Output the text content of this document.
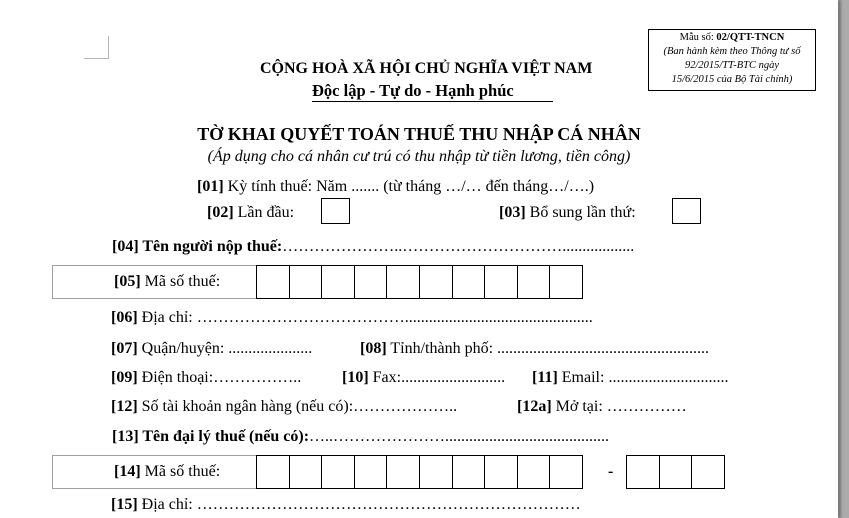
Mẫu số: 02/QTT-TNCN
(Ban hành kèm theo Thông tư số
92/2015/TT-BTC ngày
15/6/2015 của Bộ Tài chính)
CỘNG HOÀ XÃ HỘI CHỦ NGHĨA VIỆT NAM
Độc lập - Tự do - Hạnh phúc
TỜ KHAI QUYẾT TOÁN THUẾ THU NHẬP CÁ NHÂN
(Áp dụng cho cá nhân cư trú có thu nhập từ tiền lương, tiền công)
[01] Kỳ tính thuế: Năm ....... (từ tháng …/… đến tháng…/….)
[02] Lần đầu:	[03] Bổ sung lần thứ:
[04] Tên người nộp thuế:…………………..…………………………..................
[05] Mã số thuế:
[06] Địa chỉ: …………………………………...............................................
[07] Quận/huyện: .....................	[08] Tỉnh/thành phố: .....................................................
[09] Điện thoại:……………..	[10] Fax:.......................... [11] Email: ..............................
[12] Số tài khoản ngân hàng (nếu có):………………..	[12a] Mở tại: ……………
[13] Tên đại lý thuế (nếu có):…..………………….........................................
[14] Mã số thuế:	-
[15] Địa chỉ: ………………………………………………………………
